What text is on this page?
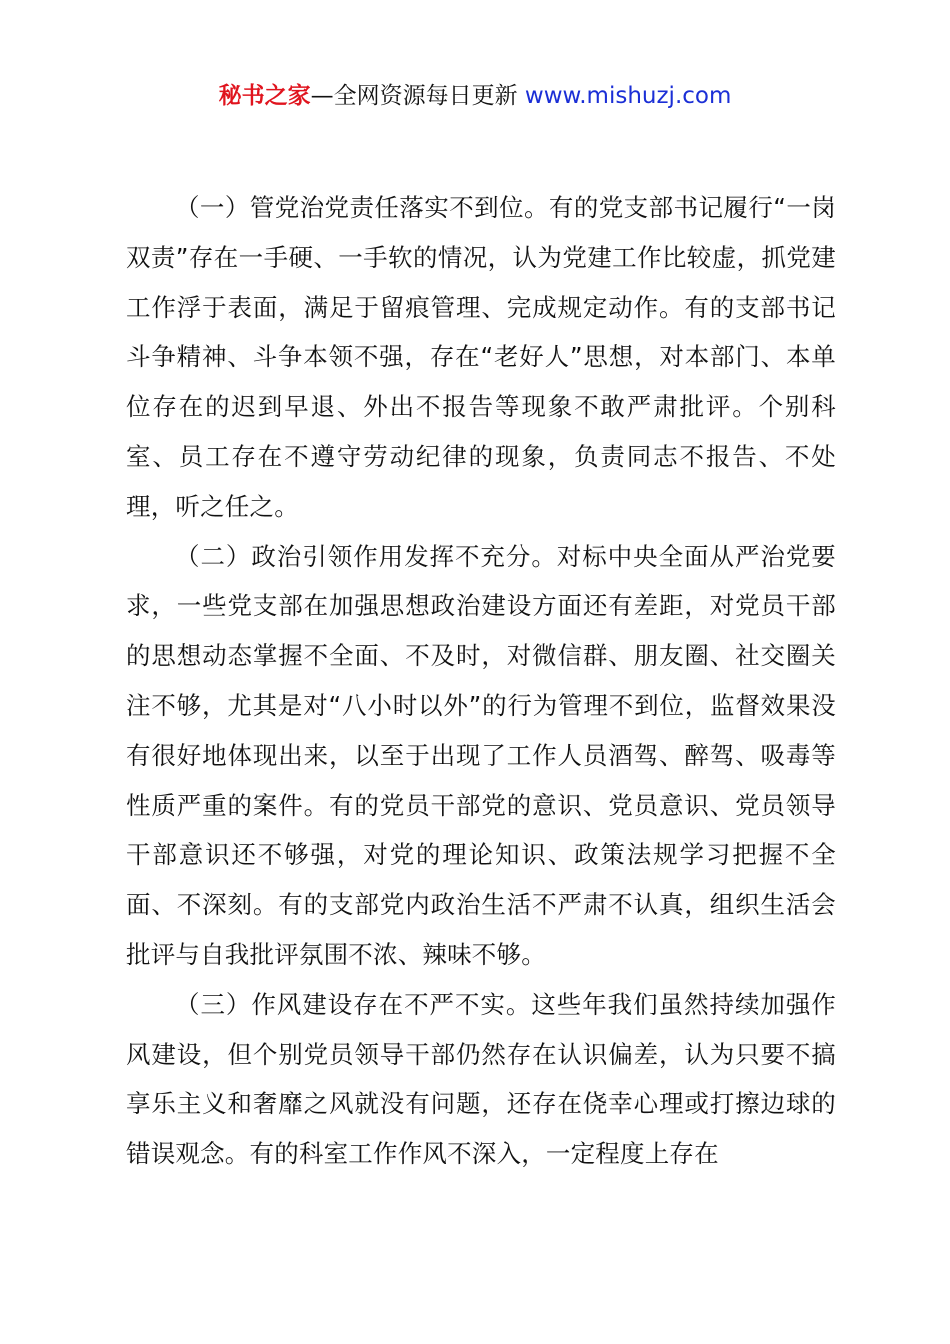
秘书之家—全网资源每日更新 www.mishuzj.com

（一）管党治党责任落实不到位。有的党支部书记履行“一岗双责”存在一手硬、一手软的情况，认为党建工作比较虚，抓党建工作浮于表面，满足于留痕管理、完成规定动作。有的支部书记斗争精神、斗争本领不强，存在“老好人”思想，对本部门、本单位存在的迟到早退、外出不报告等现象不敢严肃批评。个别科室、员工存在不遵守劳动纪律的现象，负责同志不报告、不处理，听之任之。

（二）政治引领作用发挥不充分。对标中央全面从严治党要求，一些党支部在加强思想政治建设方面还有差距，对党员干部的思想动态掌握不全面、不及时，对微信群、朋友圈、社交圈关注不够，尤其是对“八小时以外”的行为管理不到位，监督效果没有很好地体现出来，以至于出现了工作人员酒驾、醉驾、吸毒等性质严重的案件。有的党员干部党的意识、党员意识、党员领导干部意识还不够强，对党的理论知识、政策法规学习把握不全面、不深刻。有的支部党内政治生活不严肃不认真，组织生活会批评与自我批评氛围不浓、辣味不够。

（三）作风建设存在不严不实。这些年我们虽然持续加强作风建设，但个别党员领导干部仍然存在认识偏差，认为只要不搞享乐主义和奢靡之风就没有问题，还存在侥幸心理或打擦边球的错误观念。有的科室工作作风不深入，一定程度上存在
